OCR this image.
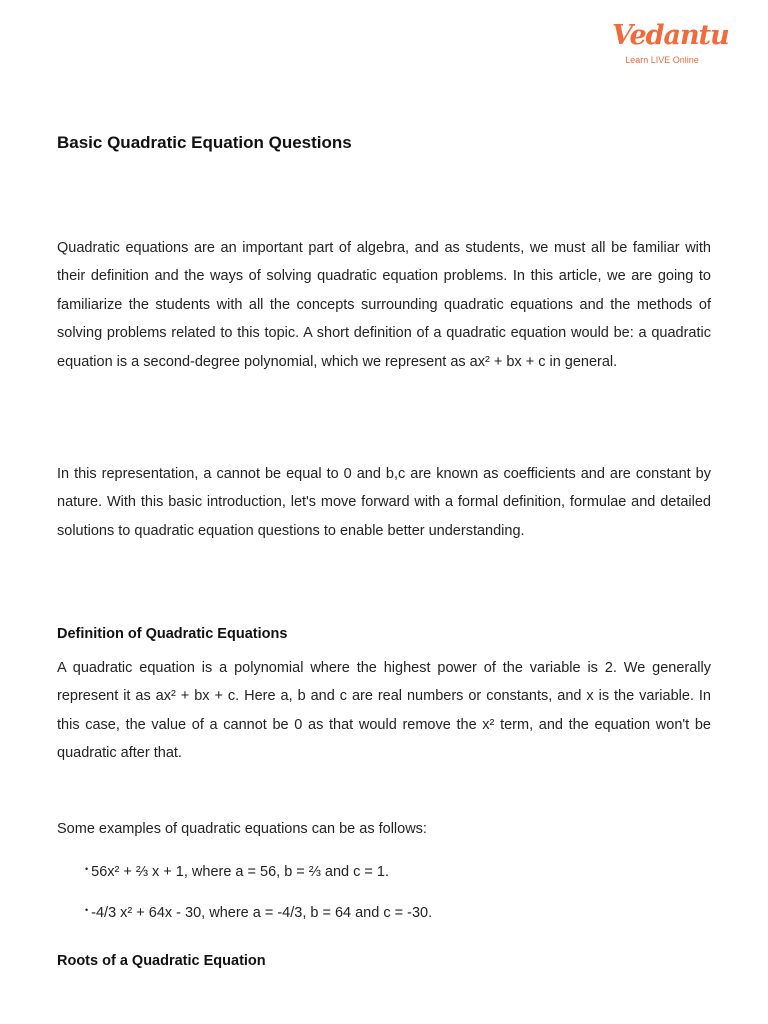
Vedantu
Learn LIVE Online
Basic Quadratic Equation Questions
Quadratic equations are an important part of algebra, and as students, we must all be familiar with their definition and the ways of solving quadratic equation problems. In this article, we are going to familiarize the students with all the concepts surrounding quadratic equations and the methods of solving problems related to this topic. A short definition of a quadratic equation would be: a quadratic equation is a second-degree polynomial, which we represent as ax² + bx + c in general.
In this representation, a cannot be equal to 0 and b,c are known as coefficients and are constant by nature. With this basic introduction, let's move forward with a formal definition, formulae and detailed solutions to quadratic equation questions to enable better understanding.
Definition of Quadratic Equations
A quadratic equation is a polynomial where the highest power of the variable is 2. We generally represent it as ax² + bx + c. Here a, b and c are real numbers or constants, and x is the variable. In this case, the value of a cannot be 0 as that would remove the x² term, and the equation won't be quadratic after that.
Some examples of quadratic equations can be as follows:
• 56x² + ⅔ x + 1, where a = 56, b = ⅔ and c = 1.
• -4/3 x² + 64x - 30, where a = -4/3, b = 64 and c = -30.
Roots of a Quadratic Equation
